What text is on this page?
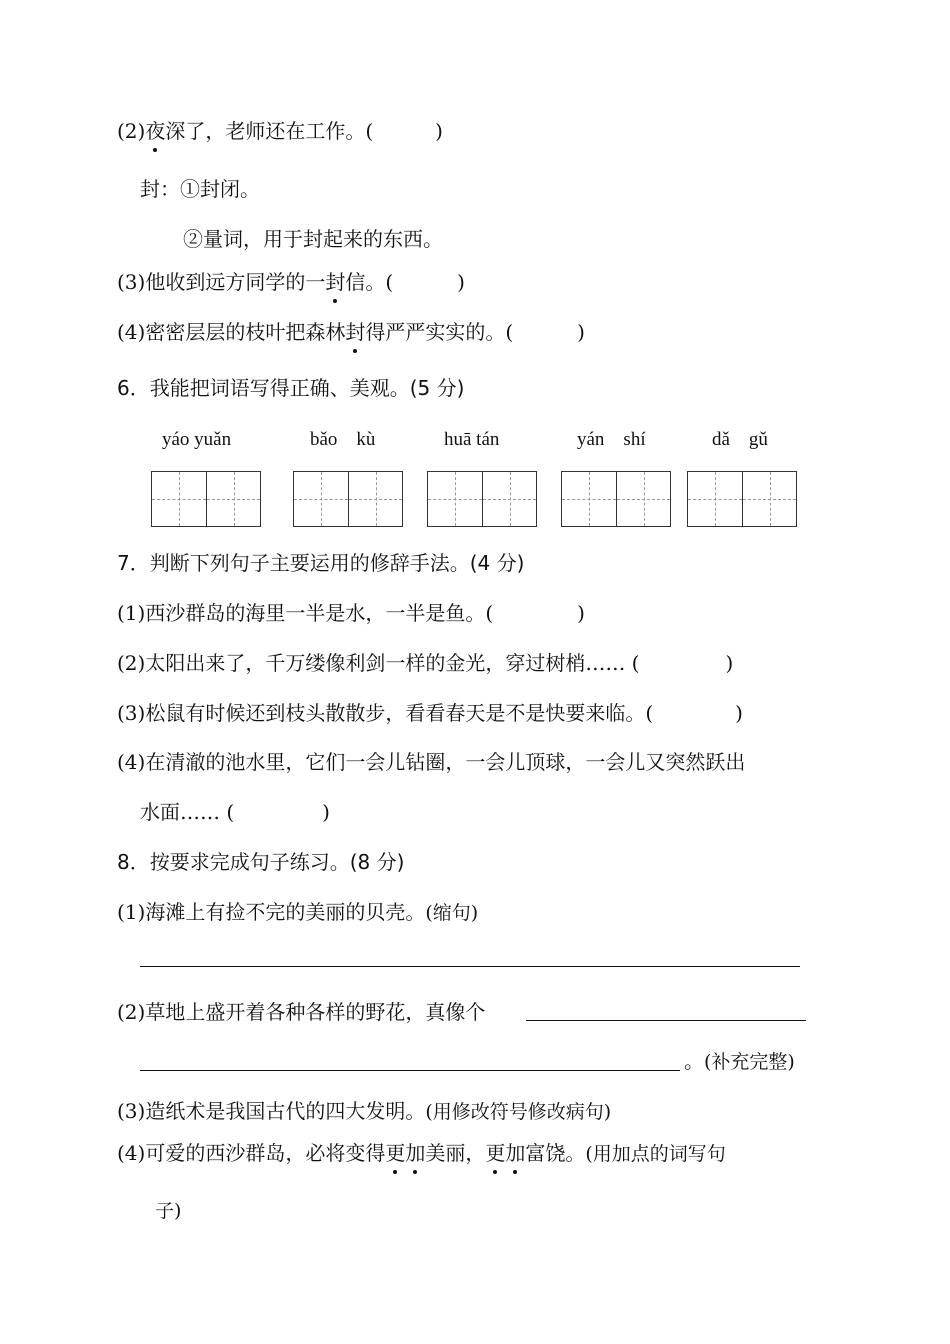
(2)夜深了，老师还在工作。(	)
封：①封闭。
②量词，用于封起来的东西。
(3)他收到远方同学的一封信。(	)
(4)密密层层的枝叶把森林封得严严实实的。(	)
6．我能把词语写得正确、美观。(5 分)
yáo yuǎn	bǎo　kù	huā tán	yán　shí	dǎ　gǔ
7．判断下列句子主要运用的修辞手法。(4 分)
(1)西沙群岛的海里一半是水，一半是鱼。(	)
(2)太阳出来了，千万缕像利剑一样的金光，穿过树梢…… (	)
(3)松鼠有时候还到枝头散散步，看看春天是不是快要来临。(	)
(4)在清澈的池水里，它们一会儿钻圈，一会儿顶球，一会儿又突然跃出
水面…… (	)
8．按要求完成句子练习。(8 分)
(1)海滩上有捡不完的美丽的贝壳。(缩句)
(2)草地上盛开着各种各样的野花，真像个
。(补充完整)
(3)造纸术是我国古代的四大发明。(用修改符号修改病句)
(4)可爱的西沙群岛，必将变得更加美丽，更加富饶。(用加点的词写句
子)
